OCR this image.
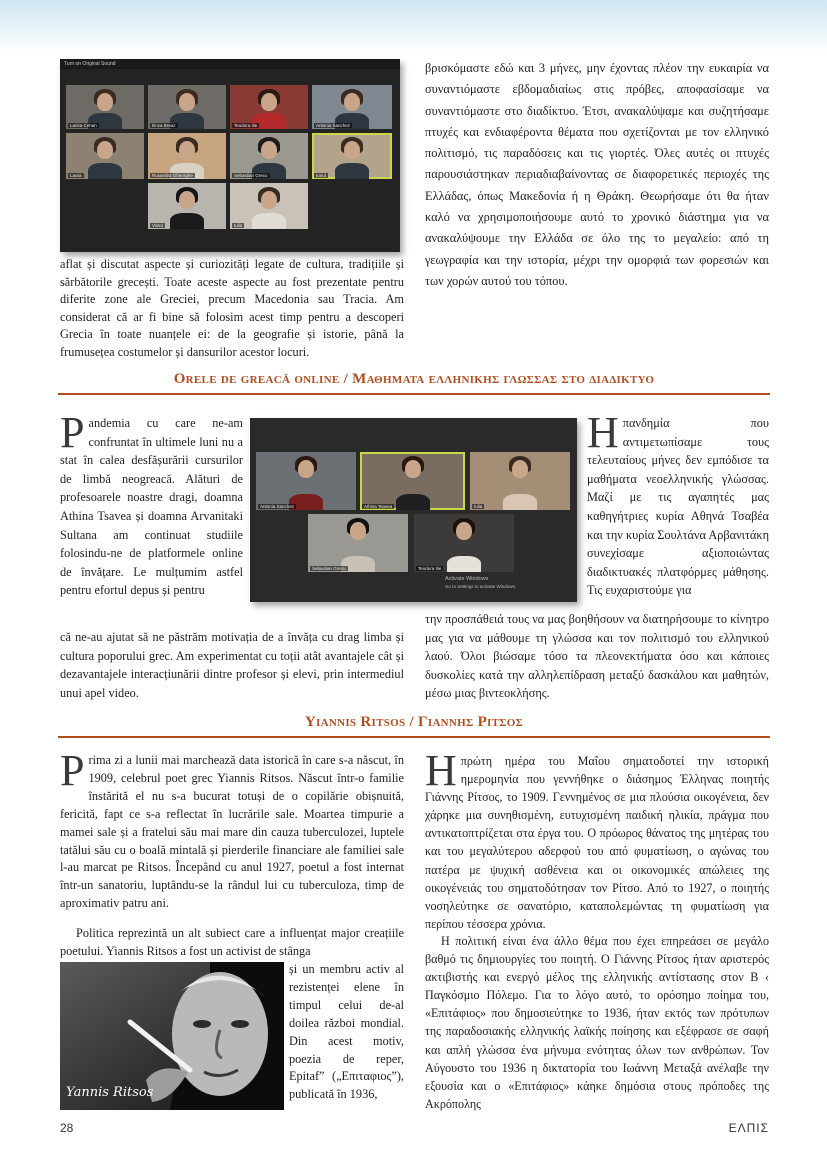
Turn on Original Sound
Larisa Cehan	Ilinca Breaz	Teodora Ilie	Antonia Sanchez
Laura	Ruxandra Gheorghe	Sebastian Grecu	Ionut
Victor	Iulia
aflat și discutat aspecte și curiozități legate de cultura, tradițiile și sărbătorile grecești. Toate aceste aspecte au fost prezentate pentru diferite zone ale Greciei, precum Macedonia sau Tracia. Am considerat că ar fi bine să folosim acest timp pentru a descoperi Grecia în toate nuanțele ei: de la geografie și istorie, până la frumusețea costumelor și dansurilor acestor locuri.
βρισκόμαστε εδώ και 3 μήνες, μην έχοντας πλέον την ευκαιρία να συναντιόμαστε εβδομαδιαίως στις πρόβες, αποφασίσαμε να συναντιόμαστε στο διαδίκτυο. Έτσι, ανακαλύψαμε και συζητήσαμε πτυχές και ενδιαφέροντα θέματα που σχετίζονται με τον ελληνικό πολιτισμό, τις παραδόσεις και τις γιορτές. Όλες αυτές οι πτυχές παρουσιάστηκαν περιαδιαβαίνοντας σε διαφορετικές περιοχές της Ελλάδας, όπως Μακεδονία ή η Θράκη. Θεωρήσαμε ότι θα ήταν καλό να χρησιμοποιήσουμε αυτό το χρονικό διάστημα για να ανακαλύψουμε την Ελλάδα σε όλο της το μεγαλείο: από τη γεωγραφία και την ιστορία, μέχρι την ομορφιά των φορεσιών και των χορών αυτού του τόπου.
Orele de greacă online / Μαθηματα ελληνικησ γλωσσασ στο διαδικτυο
Pandemia cu care ne-am confruntat în ultimele luni nu a stat în calea desfășurării cursurilor de limbă neogreacă. Alături de profesoarele noastre dragi, doamna Athina Tsavea și doamna Arvanitaki Sultana am continuat studiile folosindu-ne de platformele online de învățare. Le mulțumim astfel pentru efortul depus și pentru
că ne-au ajutat să ne păstrăm motivația de a învăța cu drag limba și cultura poporului grec. Am experimentat cu toții atât avantajele cât și dezavantajele interacțiunării dintre profesor și elevi, prin intermediul unui apel video.
Antonia Sanchez	Athina Tsavea	Iulia
Sebastian Grecu	Teodora Ilie
Activate Windows
Go to Settings to activate Windows.
Ηπανδημία που αντιμετωπίσαμε τους τελευταίους μήνες δεν εμπόδισε τα μαθήματα νεοελληνικής γλώσσας. Μαζί με τις αγαπητές μας καθηγήτριες κυρία Αθηνά Τσαβέα και την κυρία Σουλτάνα Αρβανιτάκη συνεχίσαμε αξιοποιώντας διαδικτυακές πλατφόρμες μάθησης. Τις ευχαριστούμε για
την προσπάθειά τους να μας βοηθήσουν να διατηρήσουμε το κίνητρο μας για να μάθουμε τη γλώσσα και τον πολιτισμό του ελληνικού λαού. Όλοι βιώσαμε τόσο τα πλεονεκτήματα όσο και κάποιες δυσκολίες κατά την αλληλεπίδραση μεταξύ δασκάλου και μαθητών, μέσω μιας βιντεοκλήσης.
Yiannis Ritsos / Γιαννησ Ριτσοσ
Prima zi a lunii mai marchează data istorică în care s-a născut, în 1909, celebrul poet grec Yiannis Ritsos. Născut într-o familie înstărită el nu s-a bucurat totuși de o copilărie obișnuită, fericită, fapt ce s-a reflectat în lucrările sale. Moartea timpurie a mamei sale și a fratelui său mai mare din cauza tuberculozei, luptele tatălui său cu o boală mintală și pierderile financiare ale familiei sale l-au marcat pe Ritsos. Începând cu anul 1927, poetul a fost internat într-un sanatoriu, luptându-se la rândul lui cu tuberculoza, timp de aproximativ patru ani.
Politica reprezintă un alt subiect care a influențat major creațiile poetului. Yiannis Ritsos a fost un activist de stânga
și un membru activ al rezistenței elene în timpul celui de-al doilea război mondial. Din acest motiv, poezia de reper, Epitaf” („Επιταφιος”), publicată în 1936,
Yannis Ritsos
Ηπρώτη ημέρα του Μαΐου σηματοδοτεί την ιστορική ημερομηνία που γεννήθηκε ο διάσημος Έλληνας ποιητής Γιάννης Ρίτσος, το 1909. Γεννημένος σε μια πλούσια οικογένεια, δεν χάρηκε μια συνηθισμένη, ευτυχισμένη παιδική ηλικία, πράγμα που αντικατοπτρίζεται στα έργα του. Ο πρόωρος θάνατος της μητέρας του και του μεγαλύτερου αδερφού του από φυματίωση, ο αγώνας του πατέρα με ψυχική ασθένεια και οι οικονομικές απώλειες της οικογένειάς του σηματοδότησαν τον Ρίτσο. Από το 1927, ο ποιητής νοσηλεύτηκε σε σανατόριο, καταπολεμώντας τη φυματίωση για περίπου τέσσερα χρόνια.
Η πολιτική είναι ένα άλλο θέμα που έχει επηρεάσει σε μεγάλο βαθμό τις δημιουργίες του ποιητή. Ο Γιάννης Ρίτσος ήταν αριστερός ακτιβιστής και ενεργό μέλος της ελληνικής αντίστασης στον Β ‹ Παγκόσμιο Πόλεμο. Για το λόγο αυτό, το ορόσημο ποίημα του, «Επιτάφιος» που δημοσιεύτηκε το 1936, ήταν εκτός των πρότυπων της παραδοσιακής ελληνικής λαϊκής ποίησης και εξέφρασε σε σαφή και απλή γλώσσα ένα μήνυμα ενότητας όλων των ανθρώπων. Τον Αύγουστο του 1936 η δικτατορία του Ιωάννη Μεταξά ανέλαβε την εξουσία και ο «Επιτάφιος» κάηκε δημόσια στους πρόποδες της Ακρόπολης
28	ΕΛΠΙΣ
